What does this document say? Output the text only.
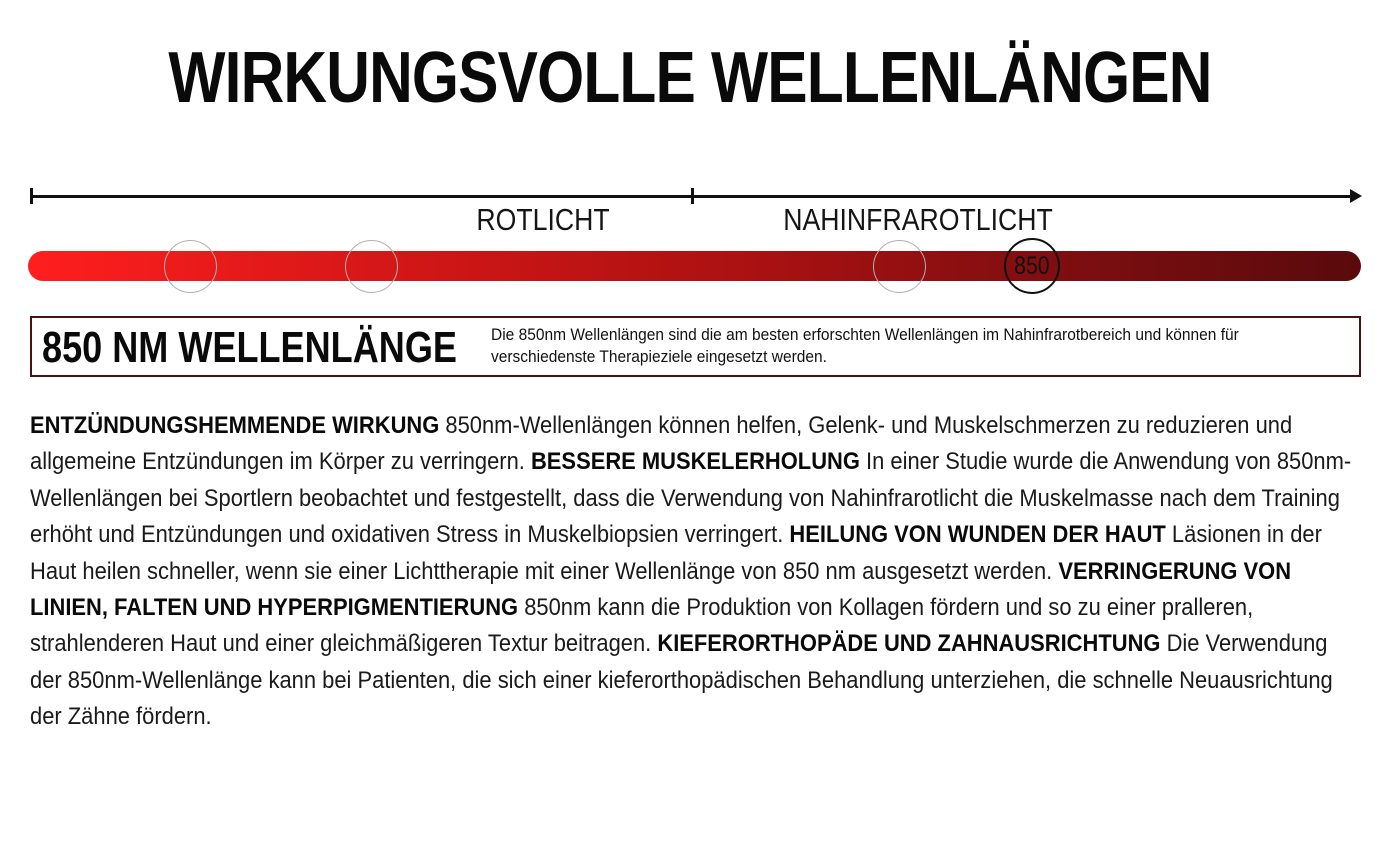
WIRKUNGSVOLLE WELLENLÄNGEN
ROTLICHT	NAHINFRAROTLICHT
850
850 NM WELLENLÄNGE Die 850nm Wellenlängen sind die am besten erforschten Wellenlängen im Nahinfrarotbereich und können für verschiedenste Therapieziele eingesetzt werden.
ENTZÜNDUNGSHEMMENDE WIRKUNG 850nm-Wellenlängen können helfen, Gelenk- und Muskelschmerzen zu reduzieren und allgemeine Entzündungen im Körper zu verringern. BESSERE MUSKELERHOLUNG In einer Studie wurde die Anwendung von 850nm-Wellenlängen bei Sportlern beobachtet und festgestellt, dass die Verwendung von Nahinfrarotlicht die Muskelmasse nach dem Training erhöht und Entzündungen und oxidativen Stress in Muskelbiopsien verringert. HEILUNG VON WUNDEN DER HAUT Läsionen in der Haut heilen schneller, wenn sie einer Lichttherapie mit einer Wellenlänge von 850 nm ausgesetzt werden. VERRINGERUNG VON LINIEN, FALTEN UND HYPERPIGMENTIERUNG 850nm kann die Produktion von Kollagen fördern und so zu einer pralleren, strahlenderen Haut und einer gleichmäßigeren Textur beitragen. KIEFERORTHOPÄDE UND ZAHNAUSRICHTUNG Die Verwendung der 850nm-Wellenlänge kann bei Patienten, die sich einer kieferorthopädischen Behandlung unterziehen, die schnelle Neuausrichtung der Zähne fördern.
